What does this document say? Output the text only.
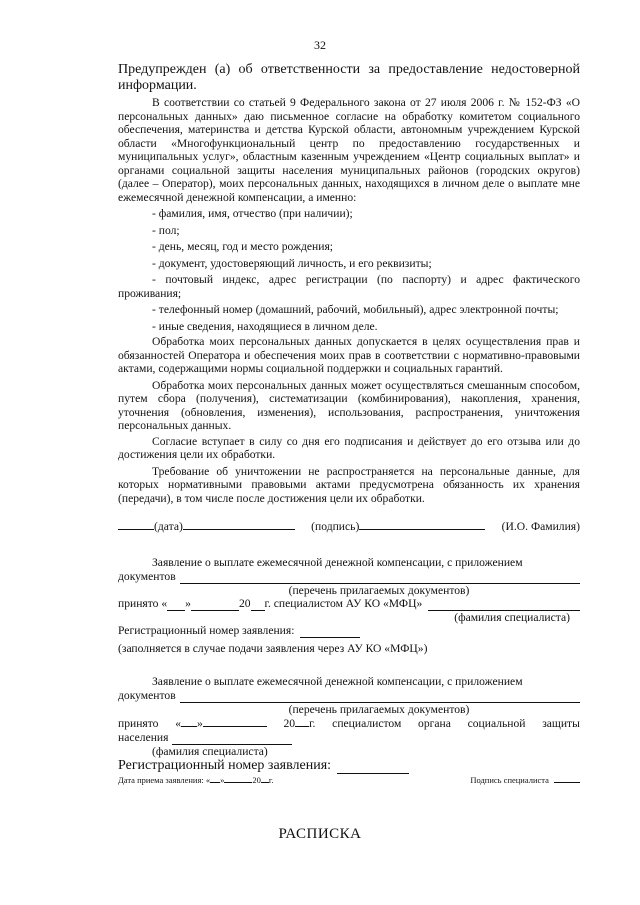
32

Предупрежден (а) об ответственности за предоставление недостоверной информации.

В соответствии со статьей 9 Федерального закона от 27 июля 2006 г. № 152-ФЗ «О персональных данных» даю письменное согласие на обработку комитетом социального обеспечения, материнства и детства Курской области, автономным учреждением Курской области «Многофункциональный центр по предоставлению государственных и муниципальных услуг», областным казенным учреждением «Центр социальных выплат» и органами социальной защиты населения муниципальных районов (городских округов) (далее – Оператор), моих персональных данных, находящихся в личном деле о выплате мне ежемесячной денежной компенсации, а именно:

- фамилия, имя, отчество (при наличии);

- пол;

- день, месяц, год и место рождения;

- документ, удостоверяющий личность, и его реквизиты;

- почтовый индекс, адрес регистрации (по паспорту) и адрес фактического проживания;

- телефонный номер (домашний, рабочий, мобильный), адрес электронной почты;

- иные сведения, находящиеся в личном деле.

Обработка моих персональных данных допускается в целях осуществления прав и обязанностей Оператора и обеспечения моих прав в соответствии с нормативно-правовыми актами, содержащими нормы социальной поддержки и социальных гарантий.

Обработка моих персональных данных может осуществляться смешанным способом, путем сбора (получения), систематизации (комбинирования), накопления, хранения, уточнения (обновления, изменения), использования, распространения, уничтожения персональных данных.

Согласие вступает в силу со дня его подписания и действует до его отзыва или до достижения цели их обработки.

Требование об уничтожении не распространяется на персональные данные, для которых нормативными правовыми актами предусмотрена обязанность их хранения (передачи), в том числе после достижения цели их обработки.

(дата)	(подпись)	(И.О. Фамилия)

Заявление о выплате ежемесячной денежной компенсации, с приложением

документов
(перечень прилагаемых документов)
принято « »	20 г. специалистом АУ КО «МФЦ»
(фамилия специалиста)
Регистрационный номер заявления:

(заполняется в случае подачи заявления через АУ КО «МФЦ»)

Заявление о выплате ежемесячной денежной компенсации, с приложением

документов
(перечень прилагаемых документов)
принято « »	20 г. специалистом органа социальной защиты
населения
(фамилия специалиста)
Регистрационный номер заявления:
Дата приема заявления: « »	20 г.	Подпись специалиста
РАСПИСКА
